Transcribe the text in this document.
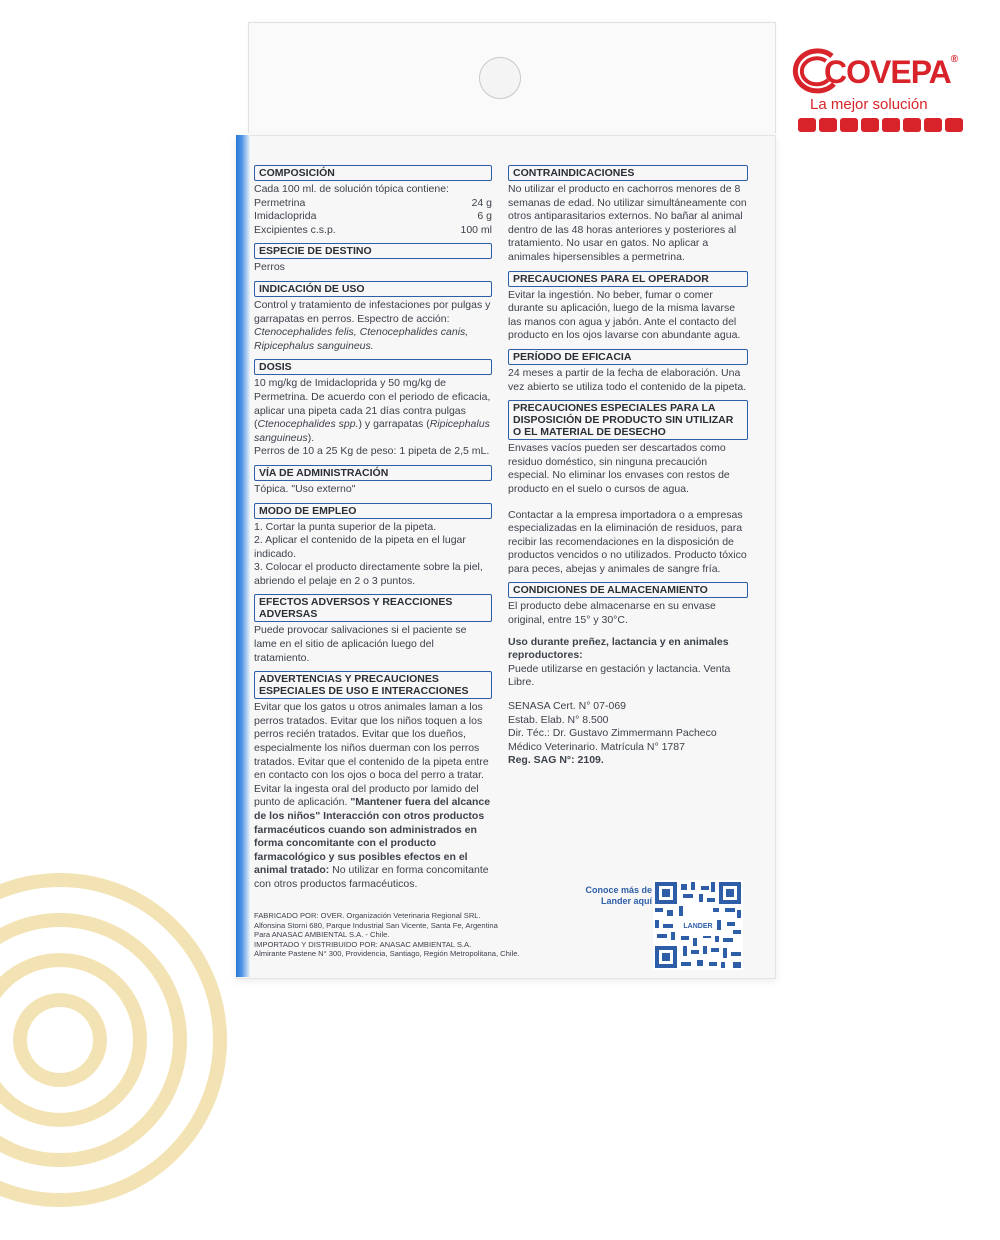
COVEPA®
La mejor solución
COMPOSICIÓN
Cada 100 ml. de solución tópica contiene:
Permetrina	24 g
Imidacloprida	6 g
Excipientes c.s.p.	100 ml
ESPECIE DE DESTINO
Perros
INDICACIÓN DE USO
Control y tratamiento de infestaciones por pulgas y garrapatas en perros. Espectro de acción: Ctenocephalides felis, Ctenocephalides canis, Ripicephalus sanguineus.
DOSIS
10 mg/kg de Imidacloprida y 50 mg/kg de Permetrina. De acuerdo con el periodo de eficacia, aplicar una pipeta cada 21 días contra pulgas (Ctenocephalides spp.) y garrapatas (Ripicephalus sanguineus).
Perros de 10 a 25 Kg de peso: 1 pipeta de 2,5 mL.
VÍA DE ADMINISTRACIÓN
Tópica. "Uso externo"
MODO DE EMPLEO
1. Cortar la punta superior de la pipeta.
2. Aplicar el contenido de la pipeta en el lugar indicado.
3. Colocar el producto directamente sobre la piel, abriendo el pelaje en 2 o 3 puntos.
EFECTOS ADVERSOS Y REACCIONES ADVERSAS
Puede provocar salivaciones si el paciente se lame en el sitio de aplicación luego del tratamiento.
ADVERTENCIAS Y PRECAUCIONES ESPECIALES DE USO E INTERACCIONES
Evitar que los gatos u otros animales laman a los perros tratados. Evitar que los niños toquen a los perros recién tratados. Evitar que los dueños, especialmente los niños duerman con los perros tratados. Evitar que el contenido de la pipeta entre en contacto con los ojos o boca del perro a tratar. Evitar la ingesta oral del producto por lamido del punto de aplicación. "Mantener fuera del alcance de los niños" Interacción con otros productos farmacéuticos cuando son administrados en forma concomitante con el producto farmacológico y sus posibles efectos en el animal tratado: No utilizar en forma concomitante con otros productos farmacéuticos.
CONTRAINDICACIONES
No utilizar el producto en cachorros menores de 8 semanas de edad. No utilizar simultáneamente con otros antiparasitarios externos. No bañar al animal dentro de las 48 horas anteriores y posteriores al tratamiento. No usar en gatos. No aplicar a animales hipersensibles a permetrina.
PRECAUCIONES PARA EL OPERADOR
Evitar la ingestión. No beber, fumar o comer durante su aplicación, luego de la misma lavarse las manos con agua y jabón. Ante el contacto del producto en los ojos lavarse con abundante agua.
PERÍODO DE EFICACIA
24 meses a partir de la fecha de elaboración. Una vez abierto se utiliza todo el contenido de la pipeta.
PRECAUCIONES ESPECIALES PARA LA DISPOSICIÓN DE PRODUCTO SIN UTILIZAR O EL MATERIAL DE DESECHO
Envases vacíos pueden ser descartados como residuo doméstico, sin ninguna precaución especial. No eliminar los envases con restos de producto en el suelo o cursos de agua.
Contactar a la empresa importadora o a empresas especializadas en la eliminación de residuos, para recibir las recomendaciones en la disposición de productos vencidos o no utilizados. Producto tóxico para peces, abejas y animales de sangre fría.
CONDICIONES DE ALMACENAMIENTO
El producto debe almacenarse en su envase original, entre 15° y 30°C.
Uso durante preñez, lactancia y en animales reproductores:
Puede utilizarse en gestación y lactancia. Venta Libre.
SENASA Cert. N° 07-069
Estab. Elab. N° 8.500
Dir. Téc.: Dr. Gustavo Zimmermann Pacheco
Médico Veterinario. Matrícula N° 1787
Reg. SAG N°: 2109.
FABRICADO POR: OVER. Organización Veterinaria Regional SRL.
Alfonsina Storni 680, Parque Industrial San Vicente, Santa Fe, Argentina
Para ANASAC AMBIENTAL S.A. - Chile.
IMPORTADO Y DISTRIBUIDO POR: ANASAC AMBIENTAL S.A.
Almirante Pastene N° 300, Providencia, Santiago, Región Metropolitana, Chile.
Conoce más de Lander aquí
LANDER
